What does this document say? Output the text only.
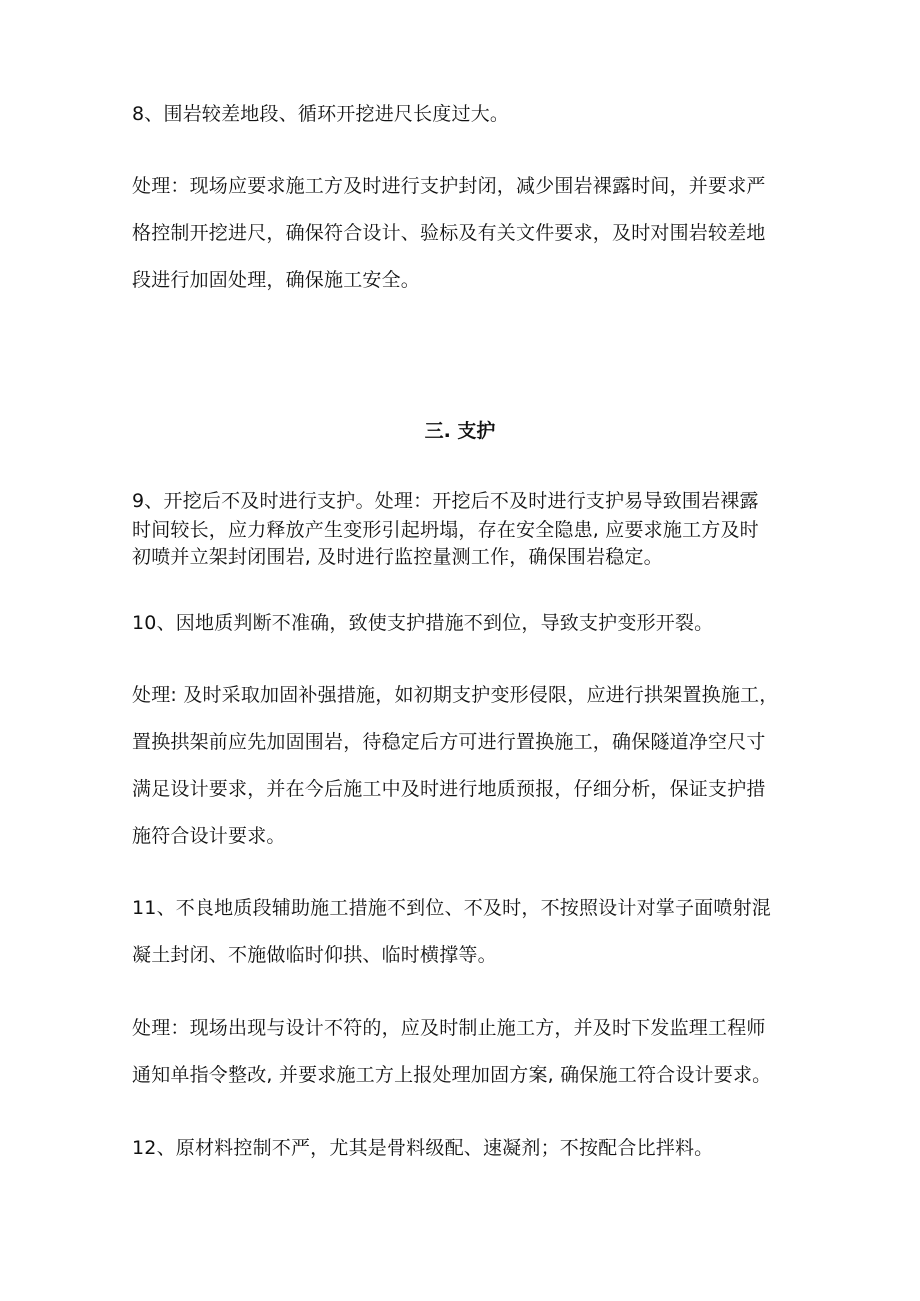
8、围岩较差地段、循环开挖进尺长度过大。
处理：现场应要求施工方及时进行支护封闭，减少围岩裸露时间，并要求严
格控制开挖进尺，确保符合设计、验标及有关文件要求，及时对围岩较差地
段进行加固处理，确保施工安全。
三. 支护
9、开挖后不及时进行支护。处理：开挖后不及时进行支护易导致围岩裸露
时间较长，应力释放产生变形引起坍塌，存在安全隐患, 应要求施工方及时
初喷并立架封闭围岩, 及时进行监控量测工作，确保围岩稳定。
10、因地质判断不准确，致使支护措施不到位，导致支护变形开裂。
处理: 及时采取加固补强措施，如初期支护变形侵限，应进行拱架置换施工，
置换拱架前应先加固围岩，待稳定后方可进行置换施工，确保隧道净空尺寸
满足设计要求，并在今后施工中及时进行地质预报，仔细分析，保证支护措
施符合设计要求。
11、不良地质段辅助施工措施不到位、不及时，不按照设计对掌子面喷射混
凝土封闭、不施做临时仰拱、临时横撑等。
处理：现场出现与设计不符的，应及时制止施工方，并及时下发监理工程师
通知单指令整改, 并要求施工方上报处理加固方案, 确保施工符合设计要求。
12、原材料控制不严，尤其是骨料级配、速凝剂；不按配合比拌料。
